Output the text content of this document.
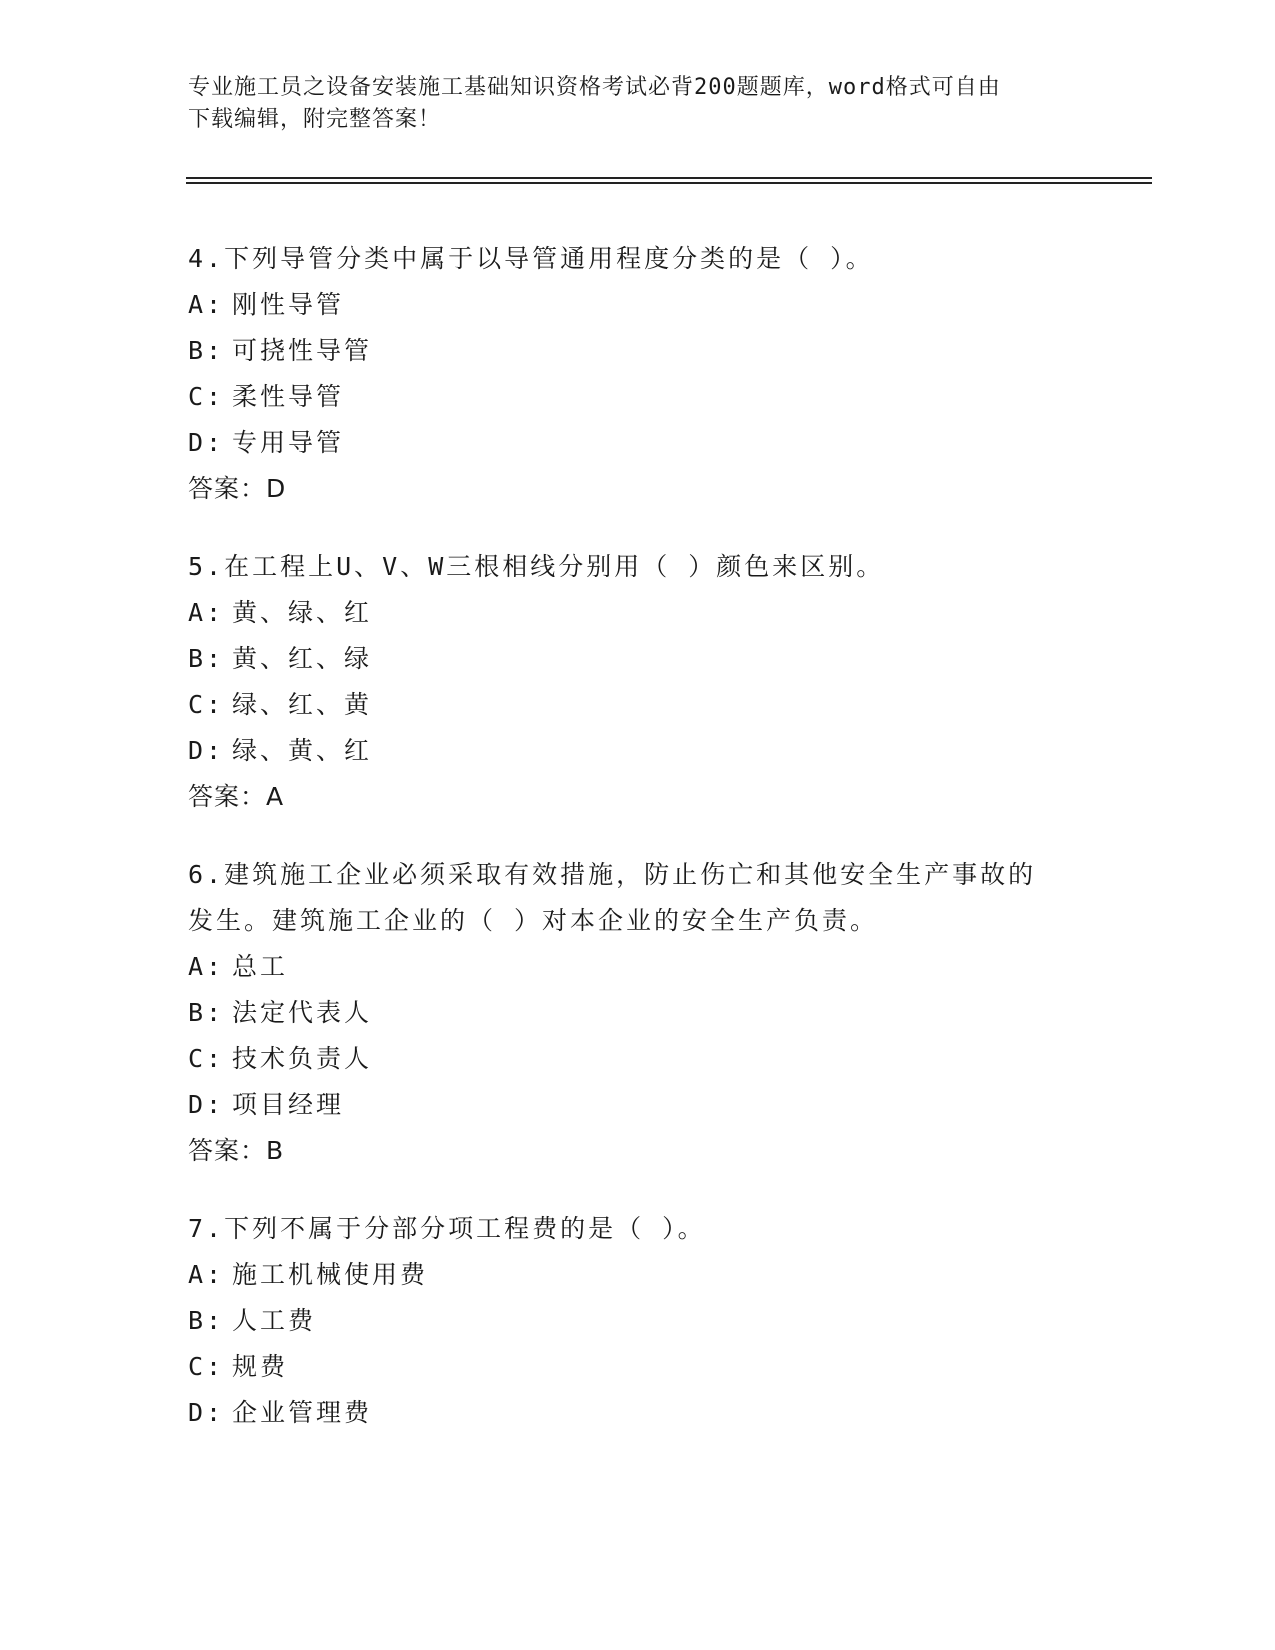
专业施工员之设备安装施工基础知识资格考试必背200题题库，word格式可自由
下载编辑，附完整答案！
4.下列导管分类中属于以导管通用程度分类的是（ ）。
A: 刚性导管
B: 可挠性导管
C: 柔性导管
D: 专用导管
答案：D
5.在工程上U、V、W三根相线分别用（ ）颜色来区别。
A: 黄、绿、红
B: 黄、红、绿
C: 绿、红、黄
D: 绿、黄、红
答案：A
6.建筑施工企业必须采取有效措施，防止伤亡和其他安全生产事故的
发生。建筑施工企业的（ ）对本企业的安全生产负责。
A: 总工
B: 法定代表人
C: 技术负责人
D: 项目经理
答案：B
7.下列不属于分部分项工程费的是（ ）。
A: 施工机械使用费
B: 人工费
C: 规费
D: 企业管理费
